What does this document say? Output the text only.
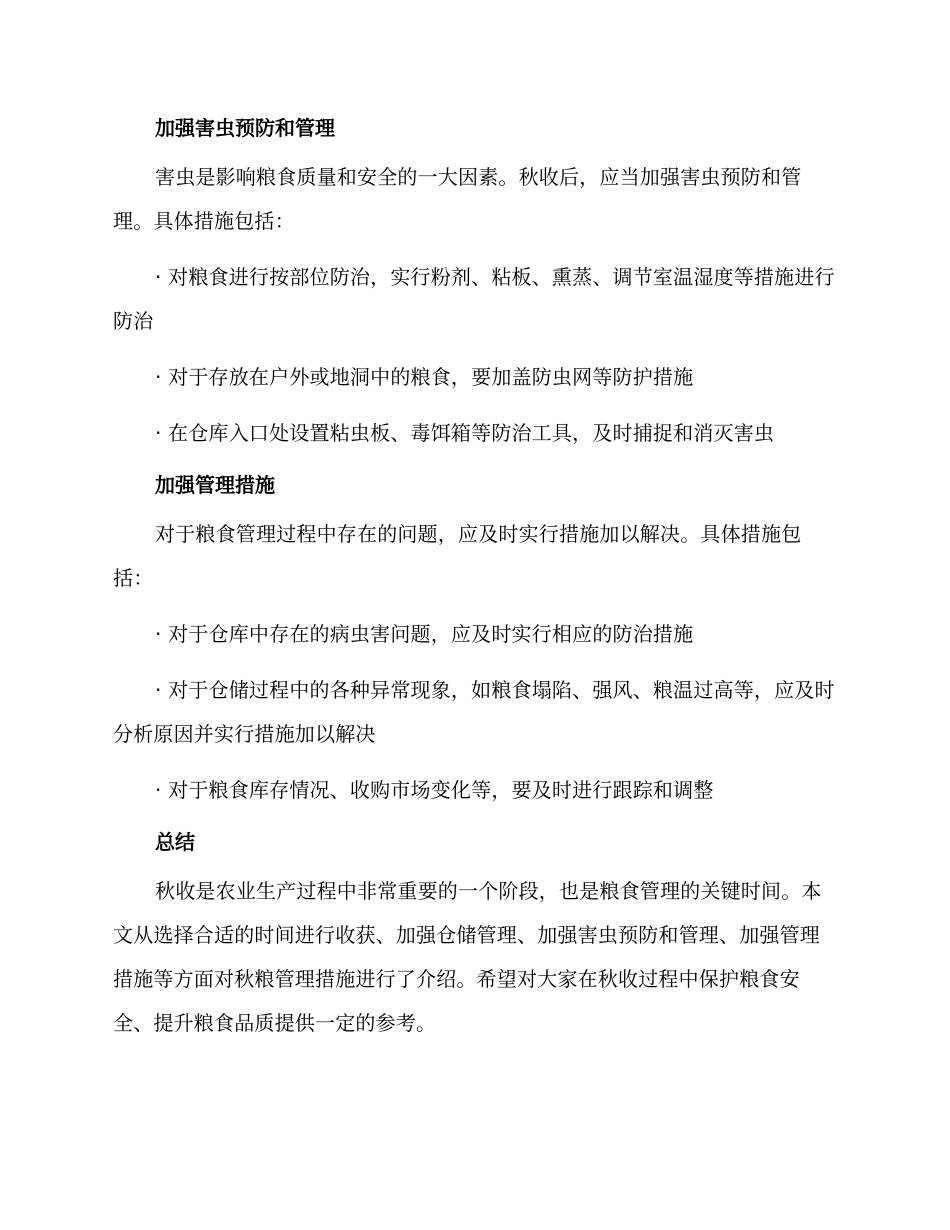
加强害虫预防和管理

害虫是影响粮食质量和安全的一大因素。秋收后，应当加强害虫预防和管理。具体措施包括：

· 对粮食进行按部位防治，实行粉剂、粘板、熏蒸、调节室温湿度等措施进行防治

· 对于存放在户外或地洞中的粮食，要加盖防虫网等防护措施

· 在仓库入口处设置粘虫板、毒饵箱等防治工具，及时捕捉和消灭害虫

加强管理措施

对于粮食管理过程中存在的问题，应及时实行措施加以解决。具体措施包括：

· 对于仓库中存在的病虫害问题，应及时实行相应的防治措施

· 对于仓储过程中的各种异常现象，如粮食塌陷、强风、粮温过高等，应及时分析原因并实行措施加以解决

· 对于粮食库存情况、收购市场变化等，要及时进行跟踪和调整

总结

秋收是农业生产过程中非常重要的一个阶段，也是粮食管理的关键时间。本文从选择合适的时间进行收获、加强仓储管理、加强害虫预防和管理、加强管理措施等方面对秋粮管理措施进行了介绍。希望对大家在秋收过程中保护粮食安全、提升粮食品质提供一定的参考。
